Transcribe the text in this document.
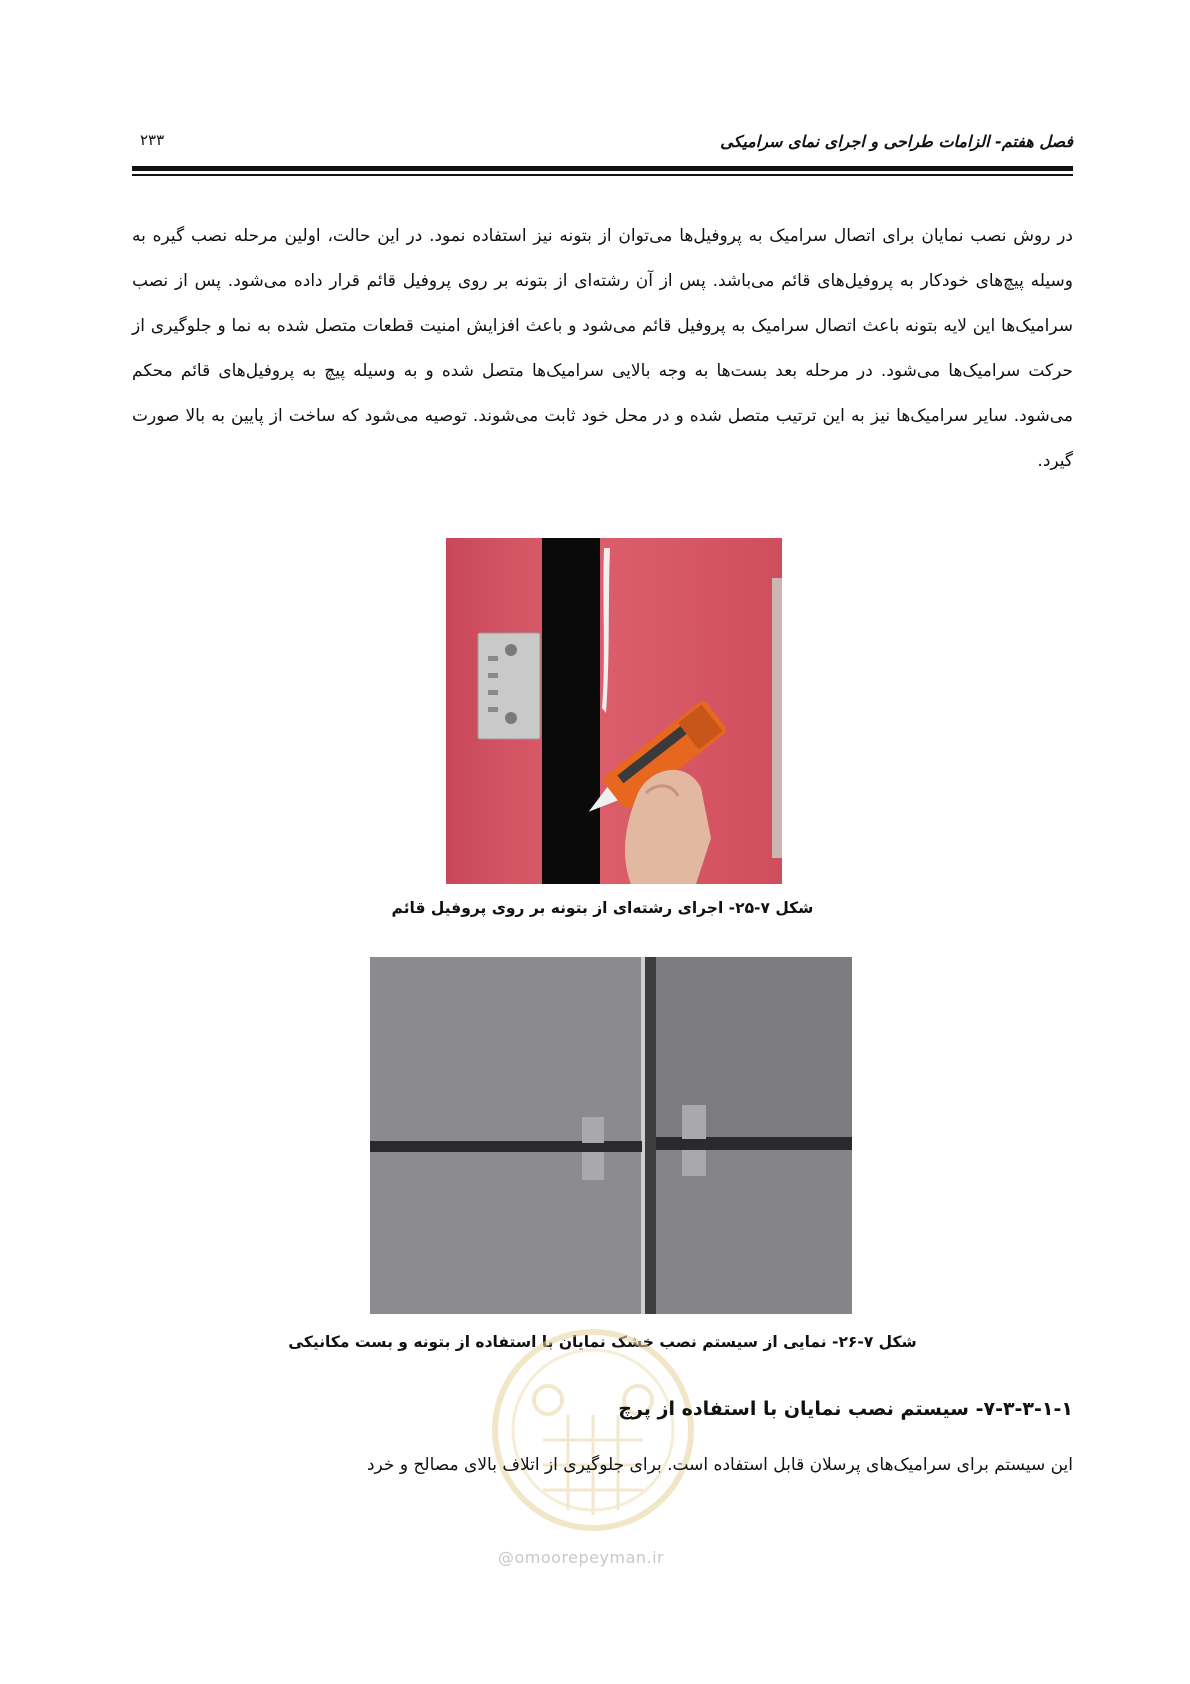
فصل هفتم- الزامات طراحی و اجرای نمای سرامیکی
۲۳۳
در روش نصب نمایان برای اتصال سرامیک به پروفیل‌ها می‌توان از بتونه نیز استفاده نمود. در این حالت، اولین مرحله نصب گیره به وسیله پیچ‌های خودکار به پروفیل‌های قائم می‌باشد. پس از آن رشته‌ای از بتونه بر روی پروفیل قائم قرار داده می‌شود. پس از نصب سرامیک‌ها این لایه بتونه باعث اتصال سرامیک به پروفیل قائم می‌شود و باعث افزایش امنیت قطعات متصل شده به نما و جلوگیری از حرکت سرامیک‌ها می‌شود. در مرحله بعد بست‌ها به وجه بالایی سرامیک‌ها متصل شده و به وسیله پیچ به پروفیل‌های قائم محکم می‌شود. سایر سرامیک‌ها نیز به این ترتیب متصل شده و در محل خود ثابت می‌شوند. توصیه می‌شود که ساخت از پایین به بالا صورت گیرد.
شکل ۷-۲۵- اجرای رشته‌ای از بتونه بر روی پروفیل قائم
شکل ۷-۲۶- نمایی از سیستم نصب خشک نمایان با استفاده از بتونه و بست مکانیکی
@omoorepeyman.ir
۷-۳-۳-۱-۱- سیستم نصب نمایان با استفاده از پرچ
این سیستم برای سرامیک‌های پرسلان قابل استفاده است. برای جلوگیری از اتلاف بالای مصالح و خرد
